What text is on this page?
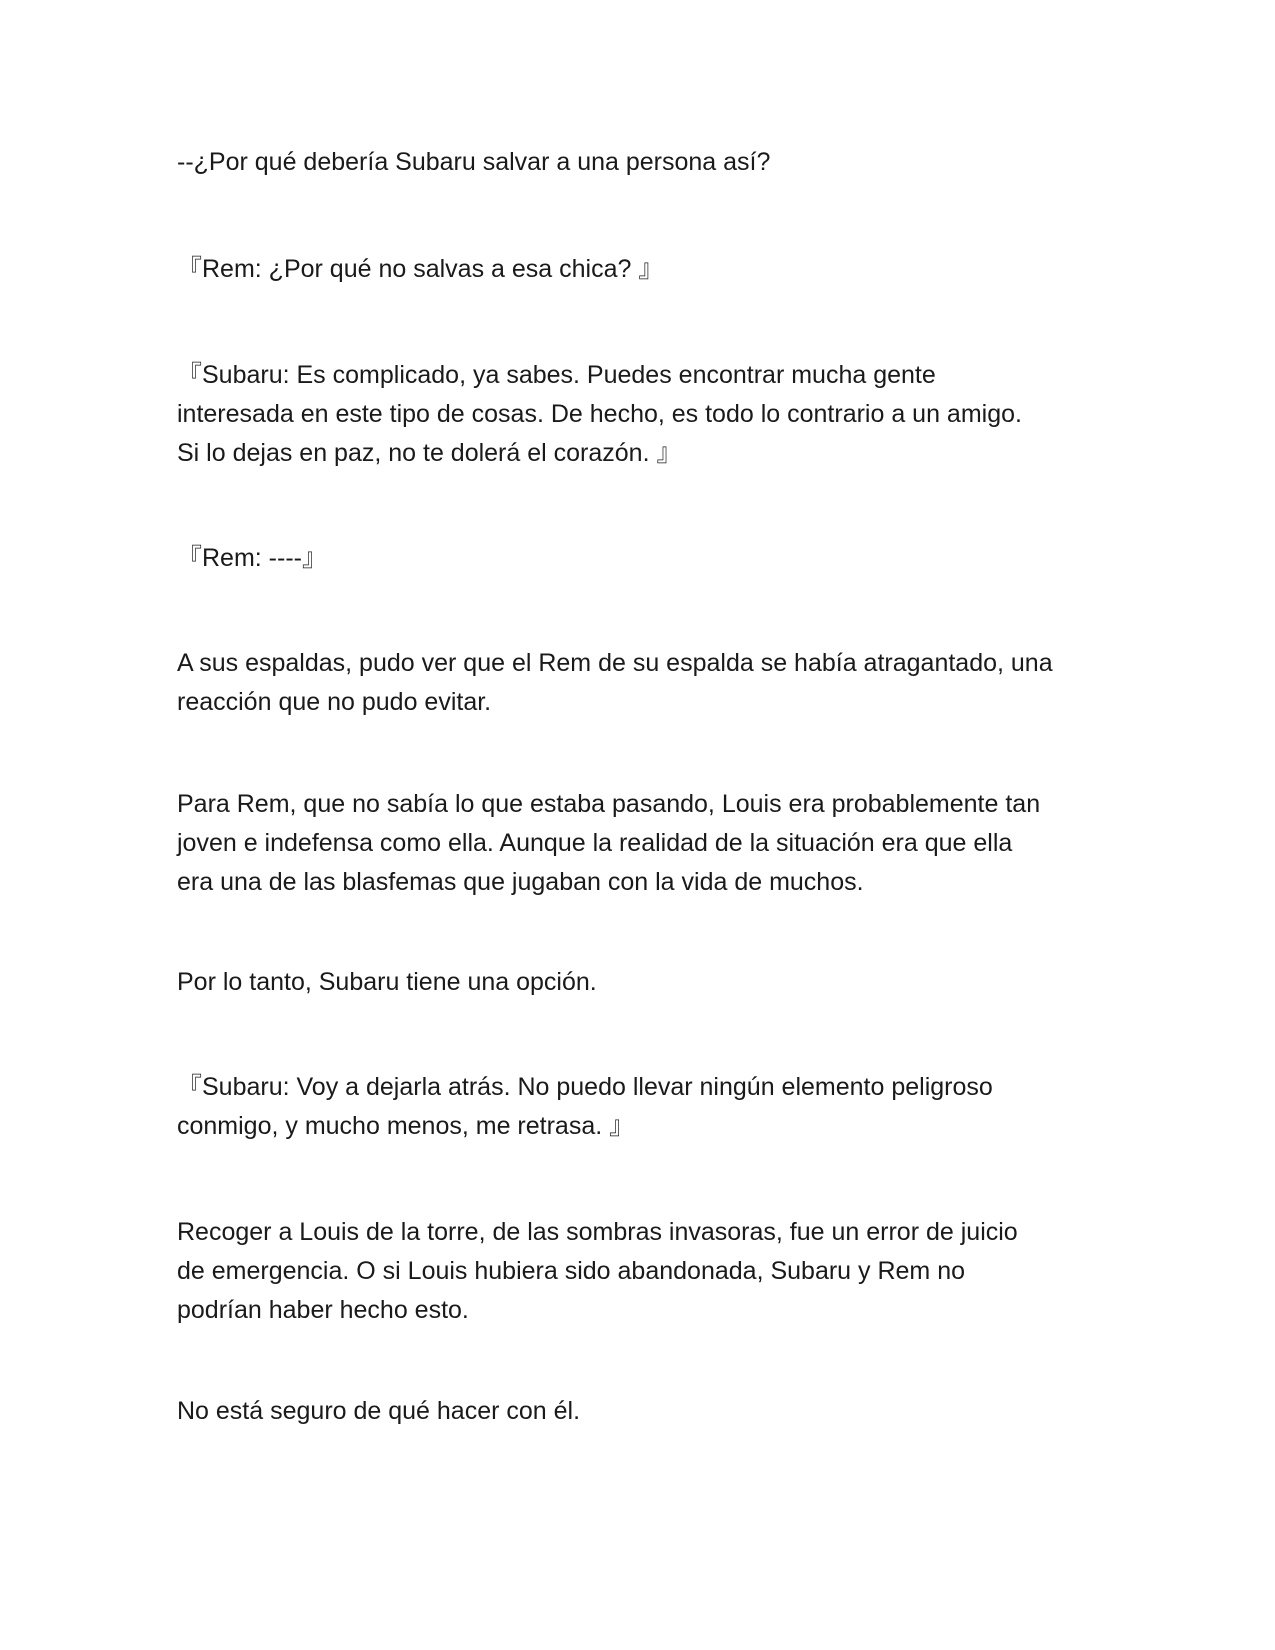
--¿Por qué debería Subaru salvar a una persona así?

『Rem: ¿Por qué no salvas a esa chica? 』

『Subaru: Es complicado, ya sabes. Puedes encontrar mucha gente
interesada en este tipo de cosas. De hecho, es todo lo contrario a un amigo.
Si lo dejas en paz, no te dolerá el corazón. 』

『Rem: ----』

A sus espaldas, pudo ver que el Rem de su espalda se había atragantado, una
reacción que no pudo evitar.

Para Rem, que no sabía lo que estaba pasando, Louis era probablemente tan
joven e indefensa como ella. Aunque la realidad de la situación era que ella
era una de las blasfemas que jugaban con la vida de muchos.

Por lo tanto, Subaru tiene una opción.

『Subaru: Voy a dejarla atrás. No puedo llevar ningún elemento peligroso
conmigo, y mucho menos, me retrasa. 』

Recoger a Louis de la torre, de las sombras invasoras, fue un error de juicio
de emergencia. O si Louis hubiera sido abandonada, Subaru y Rem no
podrían haber hecho esto.

No está seguro de qué hacer con él.
